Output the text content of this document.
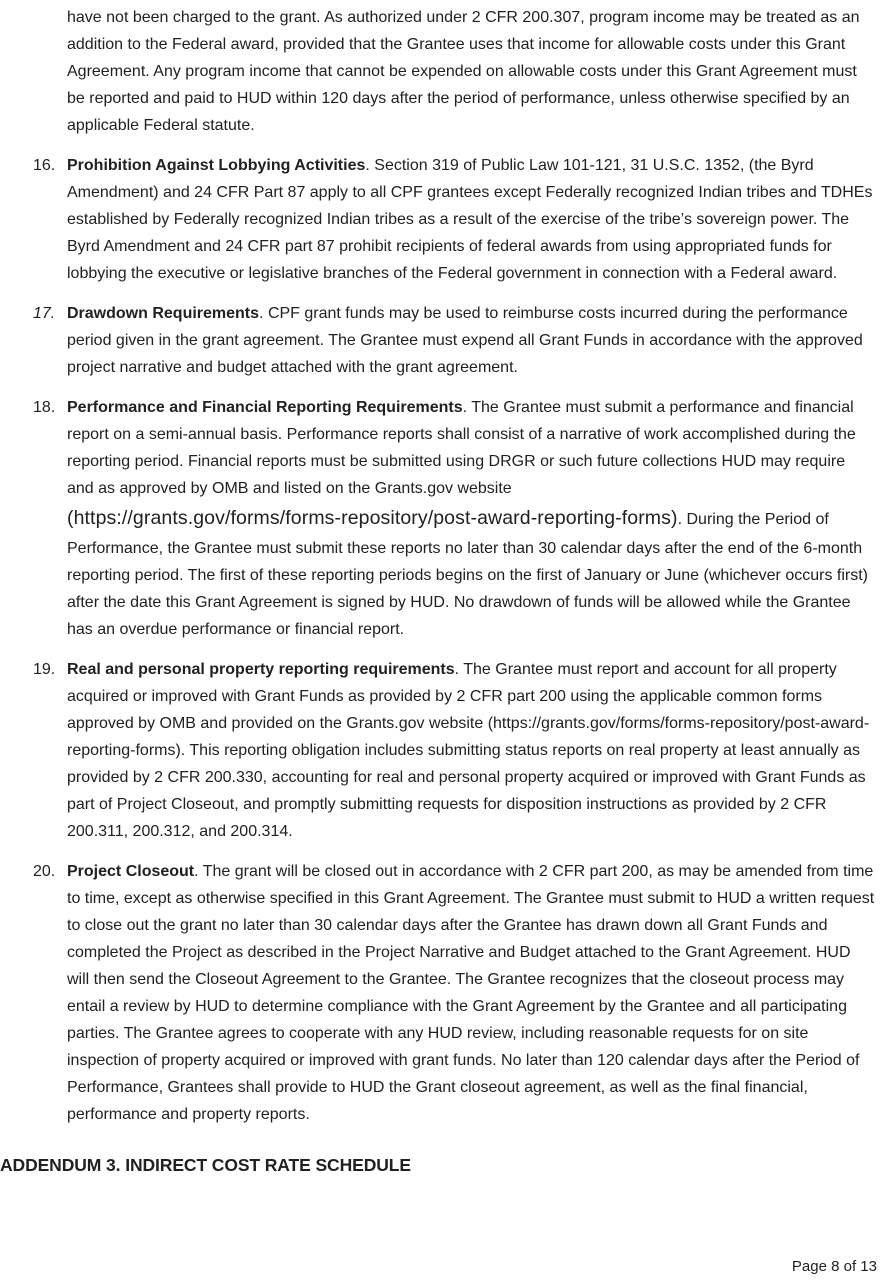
have not been charged to the grant. As authorized under 2 CFR 200.307, program income may be treated as an addition to the Federal award, provided that the Grantee uses that income for allowable costs under this Grant Agreement. Any program income that cannot be expended on allowable costs under this Grant Agreement must be reported and paid to HUD within 120 days after the period of performance, unless otherwise specified by an applicable Federal statute.

16. Prohibition Against Lobbying Activities. Section 319 of Public Law 101-121, 31 U.S.C. 1352, (the Byrd Amendment) and 24 CFR Part 87 apply to all CPF grantees except Federally recognized Indian tribes and TDHEs established by Federally recognized Indian tribes as a result of the exercise of the tribe’s sovereign power. The Byrd Amendment and 24 CFR part 87 prohibit recipients of federal awards from using appropriated funds for lobbying the executive or legislative branches of the Federal government in connection with a Federal award.

17. Drawdown Requirements. CPF grant funds may be used to reimburse costs incurred during the performance period given in the grant agreement. The Grantee must expend all Grant Funds in accordance with the approved project narrative and budget attached with the grant agreement.

18. Performance and Financial Reporting Requirements. The Grantee must submit a performance and financial report on a semi-annual basis. Performance reports shall consist of a narrative of work accomplished during the reporting period. Financial reports must be submitted using DRGR or such future collections HUD may require and as approved by OMB and listed on the Grants.gov website (https://grants.gov/forms/forms-repository/post-award-reporting-forms). During the Period of Performance, the Grantee must submit these reports no later than 30 calendar days after the end of the 6-month reporting period. The first of these reporting periods begins on the first of January or June (whichever occurs first) after the date this Grant Agreement is signed by HUD. No drawdown of funds will be allowed while the Grantee has an overdue performance or financial report.

19. Real and personal property reporting requirements. The Grantee must report and account for all property acquired or improved with Grant Funds as provided by 2 CFR part 200 using the applicable common forms approved by OMB and provided on the Grants.gov website (https://grants.gov/forms/forms-repository/post-award-reporting-forms). This reporting obligation includes submitting status reports on real property at least annually as provided by 2 CFR 200.330, accounting for real and personal property acquired or improved with Grant Funds as part of Project Closeout, and promptly submitting requests for disposition instructions as provided by 2 CFR 200.311, 200.312, and 200.314.

20. Project Closeout. The grant will be closed out in accordance with 2 CFR part 200, as may be amended from time to time, except as otherwise specified in this Grant Agreement. The Grantee must submit to HUD a written request to close out the grant no later than 30 calendar days after the Grantee has drawn down all Grant Funds and completed the Project as described in the Project Narrative and Budget attached to the Grant Agreement. HUD will then send the Closeout Agreement to the Grantee. The Grantee recognizes that the closeout process may entail a review by HUD to determine compliance with the Grant Agreement by the Grantee and all participating parties. The Grantee agrees to cooperate with any HUD review, including reasonable requests for on site inspection of property acquired or improved with grant funds. No later than 120 calendar days after the Period of Performance, Grantees shall provide to HUD the Grant closeout agreement, as well as the final financial, performance and property reports.

ADDENDUM 3. INDIRECT COST RATE SCHEDULE
Page 8 of 13
